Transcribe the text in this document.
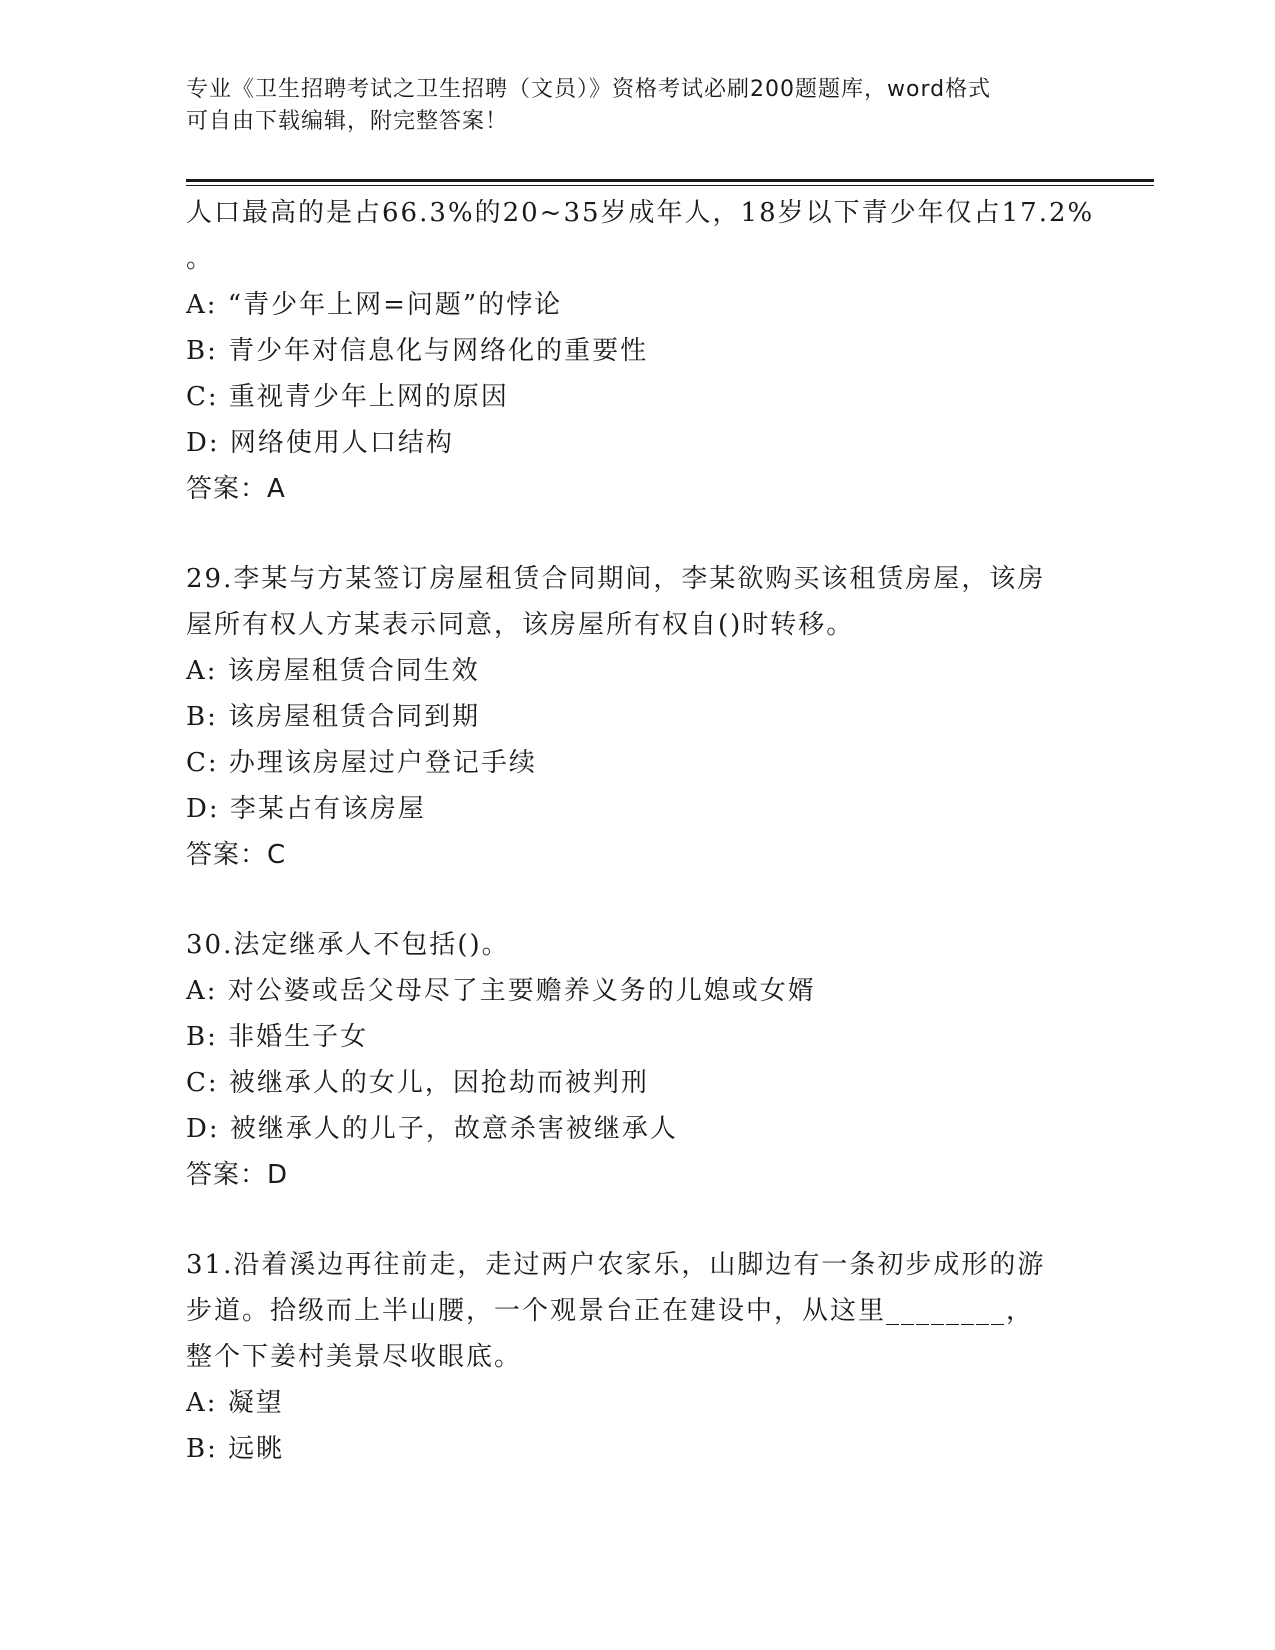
专业《卫生招聘考试之卫生招聘（文员）》资格考试必刷200题题库，word格式
可自由下载编辑，附完整答案！
人口最高的是占66.3%的20~35岁成年人，18岁以下青少年仅占17.2%
。
A: “青少年上网=问题”的悖论
B: 青少年对信息化与网络化的重要性
C: 重视青少年上网的原因
D: 网络使用人口结构
答案：A
29.李某与方某签订房屋租赁合同期间，李某欲购买该租赁房屋，该房
屋所有权人方某表示同意，该房屋所有权自()时转移。
A: 该房屋租赁合同生效
B: 该房屋租赁合同到期
C: 办理该房屋过户登记手续
D: 李某占有该房屋
答案：C
30.法定继承人不包括()。
A: 对公婆或岳父母尽了主要赡养义务的儿媳或女婿
B: 非婚生子女
C: 被继承人的女儿，因抢劫而被判刑
D: 被继承人的儿子，故意杀害被继承人
答案：D
31.沿着溪边再往前走，走过两户农家乐，山脚边有一条初步成形的游
步道。拾级而上半山腰，一个观景台正在建设中，从这里________，
整个下姜村美景尽收眼底。
A: 凝望
B: 远眺
